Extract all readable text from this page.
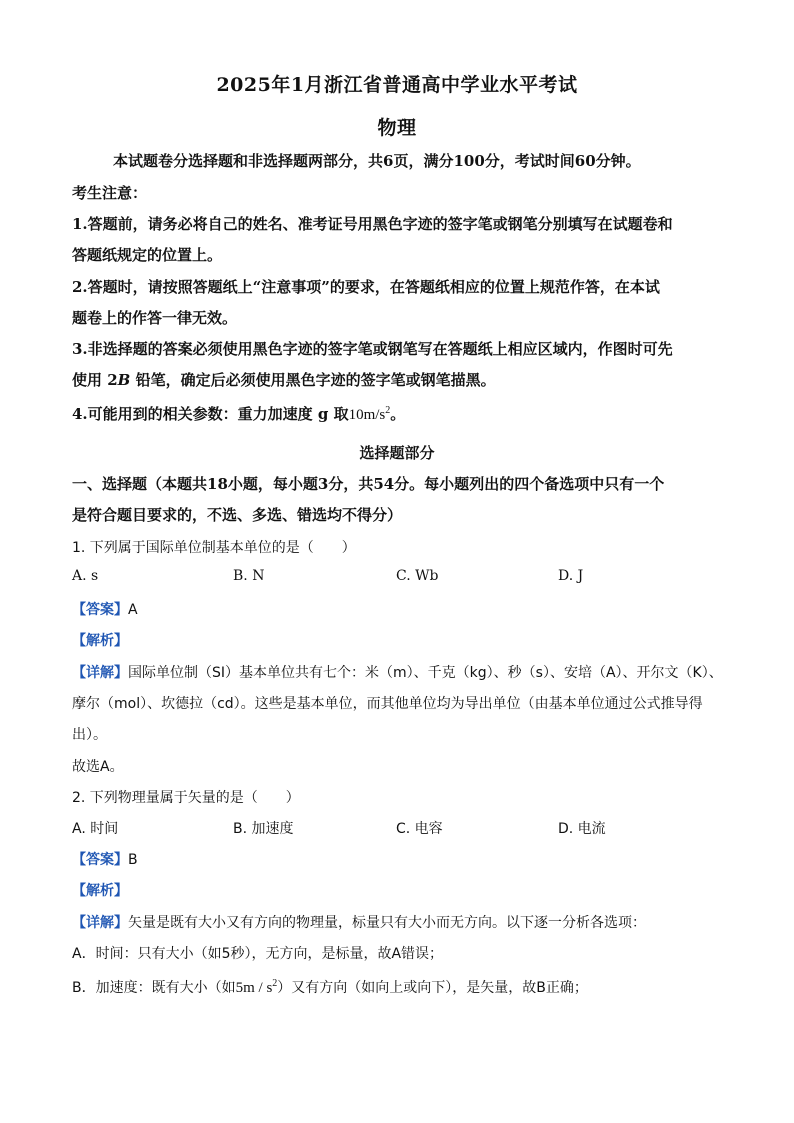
2025年1月浙江省普通高中学业水平考试
物理
本试题卷分选择题和非选择题两部分，共6页，满分100分，考试时间60分钟。
考生注意：
1.答题前，请务必将自己的姓名、准考证号用黑色字迹的签字笔或钢笔分别填写在试题卷和
答题纸规定的位置上。
2.答题时，请按照答题纸上“注意事项”的要求，在答题纸相应的位置上规范作答，在本试
题卷上的作答一律无效。
3.非选择题的答案必须使用黑色字迹的签字笔或钢笔写在答题纸上相应区域内，作图时可先
使用 2B 铅笔，确定后必须使用黑色字迹的签字笔或钢笔描黑。
4.可能用到的相关参数：重力加速度 g 取$10m/s^2$。
选择题部分
一、选择题（本题共18小题，每小题3分，共54分。每小题列出的四个备选项中只有一个
是符合题目要求的，不选、多选、错选均不得分）
1. 下列属于国际单位制基本单位的是（　　）
A. s	B. N	C. Wb	D. J
【答案】A
【解析】
【详解】国际单位制（SI）基本单位共有七个：米（m）、千克（kg）、秒（s）、安培（A）、开尔文（K）、
摩尔（mol）、坎德拉（cd）。这些是基本单位，而其他单位均为导出单位（由基本单位通过公式推导得
出）。
故选A。
2. 下列物理量属于矢量的是（　　）
A. 时间	B. 加速度	C. 电容	D. 电流
【答案】B
【解析】
【详解】矢量是既有大小又有方向的物理量，标量只有大小而无方向。以下逐一分析各选项：
A．时间：只有大小（如5秒），无方向，是标量，故A错误；
B．加速度：既有大小（如$5m / s^2$）又有方向（如向上或向下），是矢量，故B正确；
